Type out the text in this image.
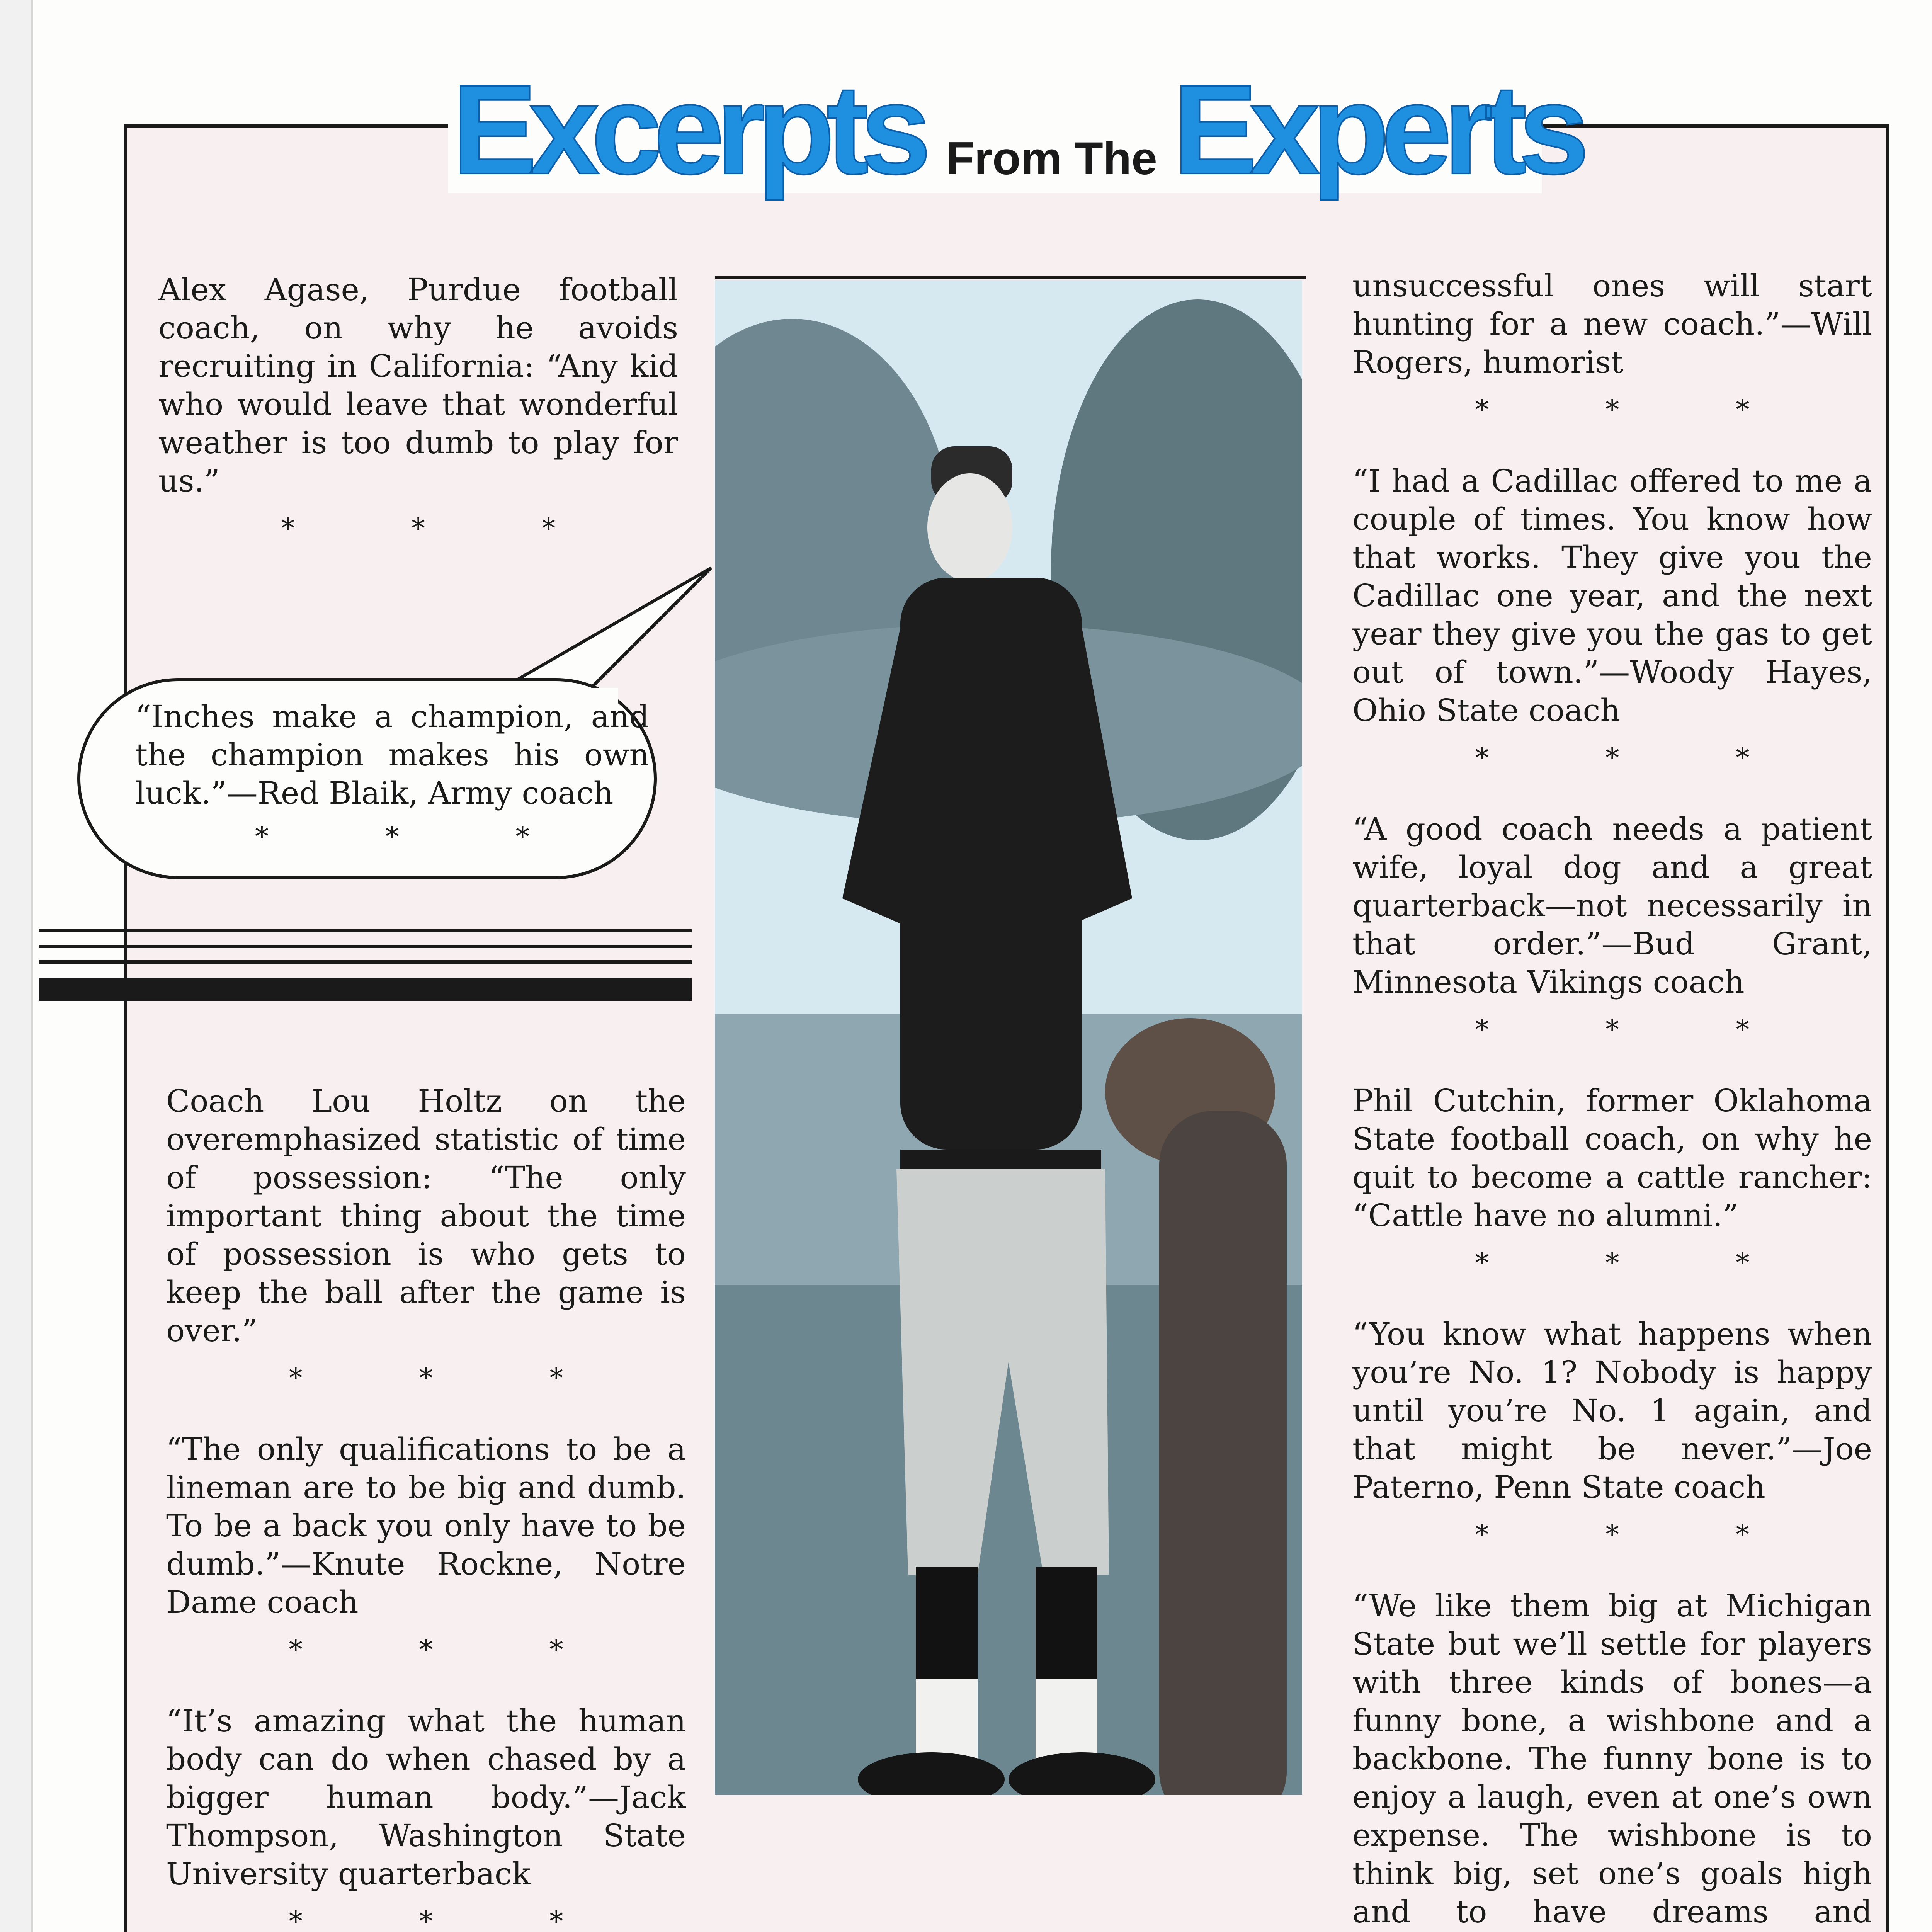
Excerpts From The Experts

Alex Agase, Purdue football coach, on why he avoids recruiting in California: “Any kid who would leave that wonderful weather is too dumb to play for us.”

* * *

“Inches make a champion, and the champion makes his own luck.”—Red Blaik, Army coach

* * *

Coach Lou Holtz on the overemphasized statistic of time of possession: “The only important thing about the time of possession is who gets to keep the ball after the game is over.”

* * *

“The only qualifications to be a lineman are to be big and dumb. To be a back you only have to be dumb.”—Knute Rockne, Notre Dame coach

* * *

“It’s amazing what the human body can do when chased by a bigger human body.”—Jack Thompson, Washington State University quarterback

* * *

unsuccessful ones will start hunting for a new coach.”—Will Rogers, humorist

* * *

“I had a Cadillac offered to me a couple of times. You know how that works. They give you the Cadillac one year, and the next year they give you the gas to get out of town.”—Woody Hayes, Ohio State coach

* * *

“A good coach needs a patient wife, loyal dog and a great quarterback—not necessarily in that order.”—Bud Grant, Minnesota Vikings coach

* * *

Phil Cutchin, former Oklahoma State football coach, on why he quit to become a cattle rancher: “Cattle have no alumni.”

* * *

“You know what happens when you’re No. 1? Nobody is happy until you’re No. 1 again, and that might be never.”—Joe Paterno, Penn State coach

* * *

“We like them big at Michigan State but we’ll settle for players with three kinds of bones—a funny bone, a wishbone and a backbone. The funny bone is to enjoy a laugh, even at one’s own expense. The wishbone is to think big, set one’s goals high and to have dreams and
